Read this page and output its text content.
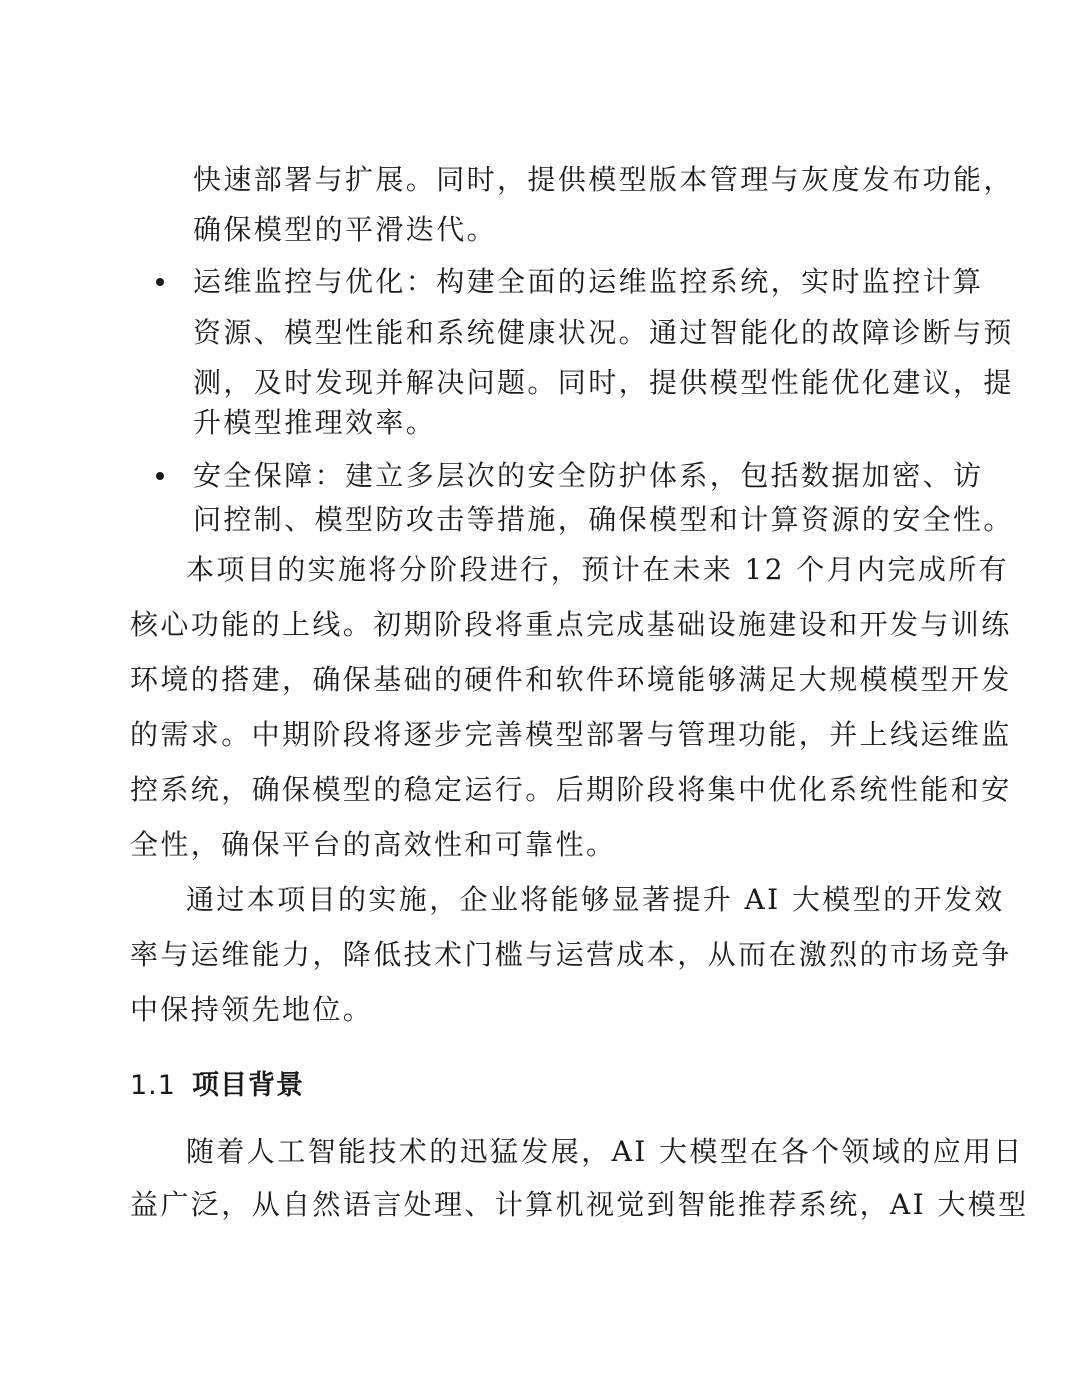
快速部署与扩展。同时，提供模型版本管理与灰度发布功能，
确保模型的平滑迭代。
运维监控与优化：构建全面的运维监控系统，实时监控计算
资源、模型性能和系统健康状况。通过智能化的故障诊断与预
测，及时发现并解决问题。同时，提供模型性能优化建议，提
升模型推理效率。
安全保障：建立多层次的安全防护体系，包括数据加密、访
问控制、模型防攻击等措施，确保模型和计算资源的安全性。
本项目的实施将分阶段进行，预计在未来 12 个月内完成所有
核心功能的上线。初期阶段将重点完成基础设施建设和开发与训练
环境的搭建，确保基础的硬件和软件环境能够满足大规模模型开发
的需求。中期阶段将逐步完善模型部署与管理功能，并上线运维监
控系统，确保模型的稳定运行。后期阶段将集中优化系统性能和安
全性，确保平台的高效性和可靠性。
通过本项目的实施，企业将能够显著提升 AI 大模型的开发效
率与运维能力，降低技术门槛与运营成本，从而在激烈的市场竞争
中保持领先地位。
1.1 项目背景
随着人工智能技术的迅猛发展，AI 大模型在各个领域的应用日
益广泛，从自然语言处理、计算机视觉到智能推荐系统，AI 大模型
